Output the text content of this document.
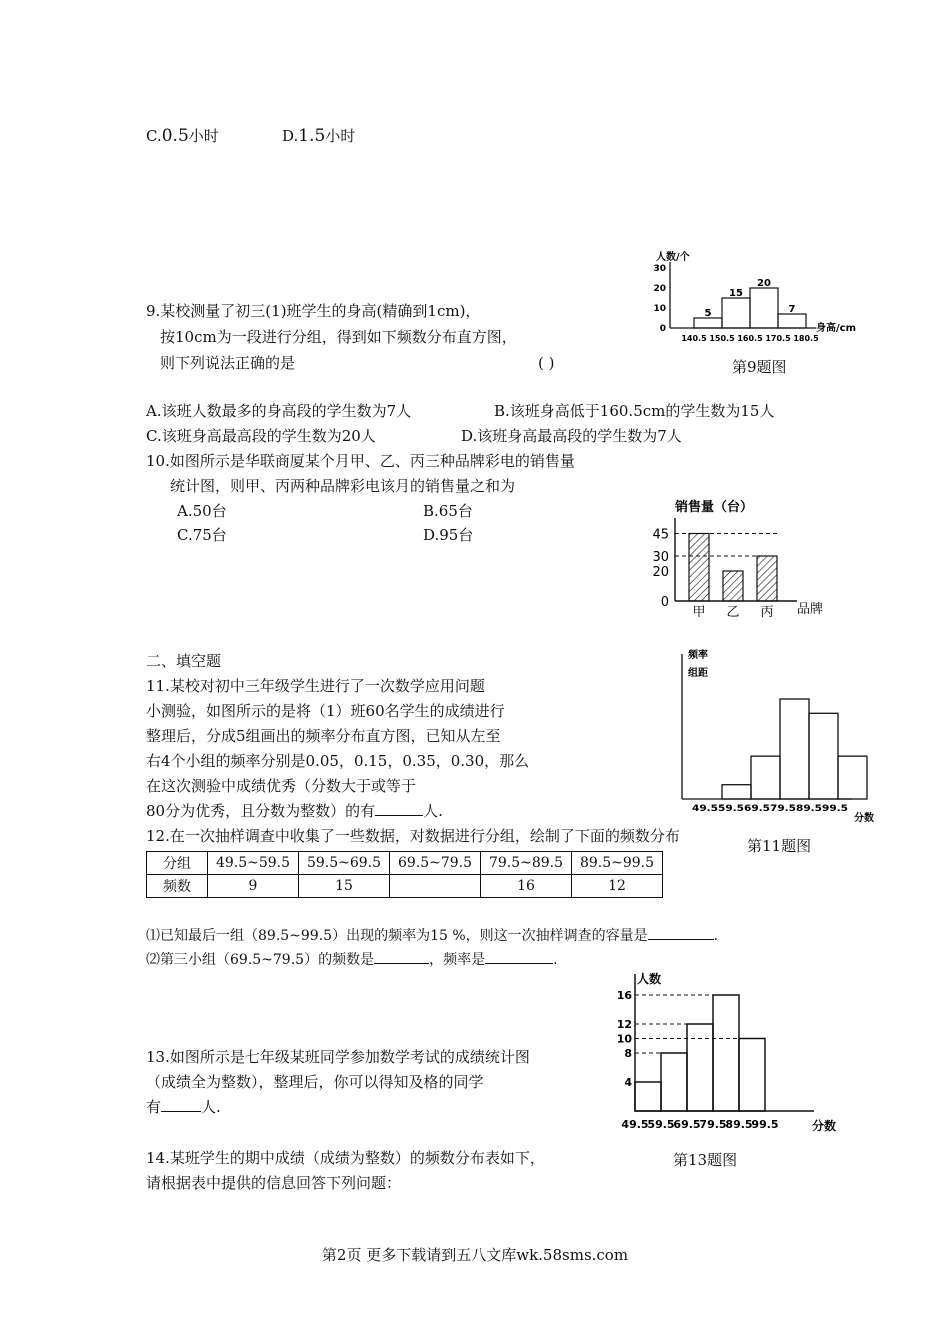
C.0.5小时	D.1.5小时
9.某校测量了初三(1)班学生的身高(精确到1cm)，
按10cm为一段进行分组，得到如下频数分布直方图，
则下列说法正确的是	( )
人数/个
身高/cm
0
10
20
30
140.5 150.5 160.5 170.5 180.5
5
15
20
7
第9题图
A.该班人数最多的身高段的学生数为7人	B.该班身高低于160.5cm的学生数为15人
C.该班身高最高段的学生数为20人	D.该班身高最高段的学生数为7人
10.如图所示是华联商厦某个月甲、乙、丙三种品牌彩电的销售量
统计图，则甲、丙两种品牌彩电该月的销售量之和为
A.50台	B.65台
C.75台	D.95台
销售量（台）
品牌
0
20
30
45
甲 乙 丙
二、填空题
11.某校对初中三年级学生进行了一次数学应用问题
小测验，如图所示的是将（1）班60名学生的成绩进行
整理后，分成5组画出的频率分布直方图，已知从左至
右4个小组的频率分别是0.05，0.15，0.35，0.30，那么
在这次测验中成绩优秀（分数大于或等于
80分为优秀，且分数为整数）的有	人.
频率
组距
分数
49.559.569.579.589.599.5
12.在一次抽样调查中收集了一些数据，对数据进行分组，绘制了下面的频数分布
第11题图
分组	49.5~59.5	59.5~69.5	69.5~79.5	79.5~89.5	89.5~99.5
频数	9	15		16	12
⑴已知最后一组（89.5~99.5）出现的频率为15 %，则这一次抽样调查的容量是	.
⑵第三小组（69.5~79.5）的频数是	，频率是	.
人数
分数
4
8
10
12
16
49.5
59.5
69.5
79.5
89.5
99.5
13.如图所示是七年级某班同学参加数学考试的成绩统计图
（成绩全为整数），整理后，你可以得知及格的同学
有	人.
14.某班学生的期中成绩（成绩为整数）的频数分布表如下，	第13题图
请根据表中提供的信息回答下列问题：
第2页 更多下载请到五八文库wk.58sms.com
